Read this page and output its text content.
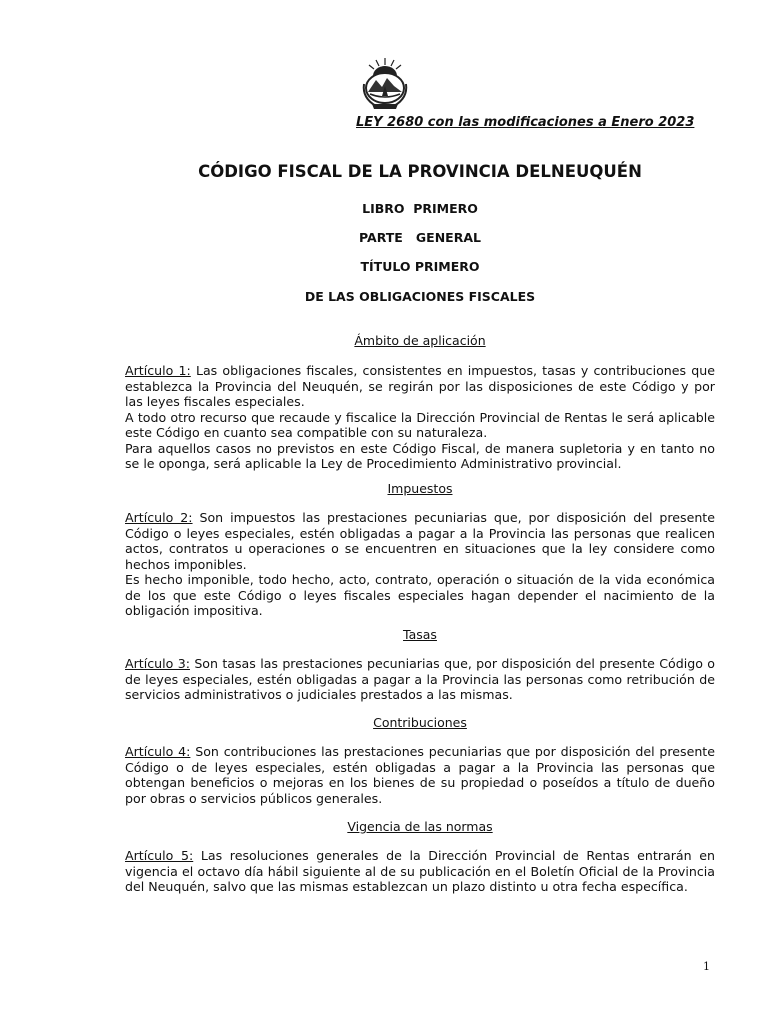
LEY 2680 con las modificaciones a Enero 2023
CÓDIGO FISCAL DE LA PROVINCIA DELNEUQUÉN
LIBRO  PRIMERO
PARTE   GENERAL
TÍTULO PRIMERO
DE LAS OBLIGACIONES FISCALES
Ámbito de aplicación

Artículo 1: Las obligaciones fiscales, consistentes en impuestos, tasas y contribuciones que establezca la Provincia del Neuquén, se regirán por las disposiciones de este Código y por las leyes fiscales especiales.

A todo otro recurso que recaude y fiscalice la Dirección Provincial de Rentas le será aplicable este Código en cuanto sea compatible con su naturaleza.

Para aquellos casos no previstos en este Código Fiscal, de manera supletoria y en tanto no se le oponga, será aplicable la Ley de Procedimiento Administrativo provincial.

Impuestos

Artículo 2: Son impuestos las prestaciones pecuniarias que, por disposición del presente Código o leyes especiales, estén obligadas a pagar a la Provincia las personas que realicen actos, contratos u operaciones o se encuentren en situaciones que la ley considere como hechos imponibles.

Es hecho imponible, todo hecho, acto, contrato, operación o situación de la vida económica de los que este Código o leyes fiscales especiales hagan depender el nacimiento de la obligación impositiva.

Tasas

Artículo 3: Son tasas las prestaciones pecuniarias que, por disposición del presente Código o de leyes especiales, estén obligadas a pagar a la Provincia las personas como retribución de servicios administrativos o judiciales prestados a las mismas.

Contribuciones

Artículo 4: Son contribuciones las prestaciones pecuniarias que por disposición del presente Código o de leyes especiales, estén obligadas a pagar a la Provincia las personas que obtengan beneficios o mejoras en los bienes de su propiedad o poseídos a título de dueño por obras o servicios públicos generales.

Vigencia de las normas

Artículo 5: Las resoluciones generales de la Dirección Provincial de Rentas entrarán en vigencia el octavo día hábil siguiente al de su publicación en el Boletín Oficial de la Provincia del Neuquén, salvo que las mismas establezcan un plazo distinto u otra fecha específica.

1
